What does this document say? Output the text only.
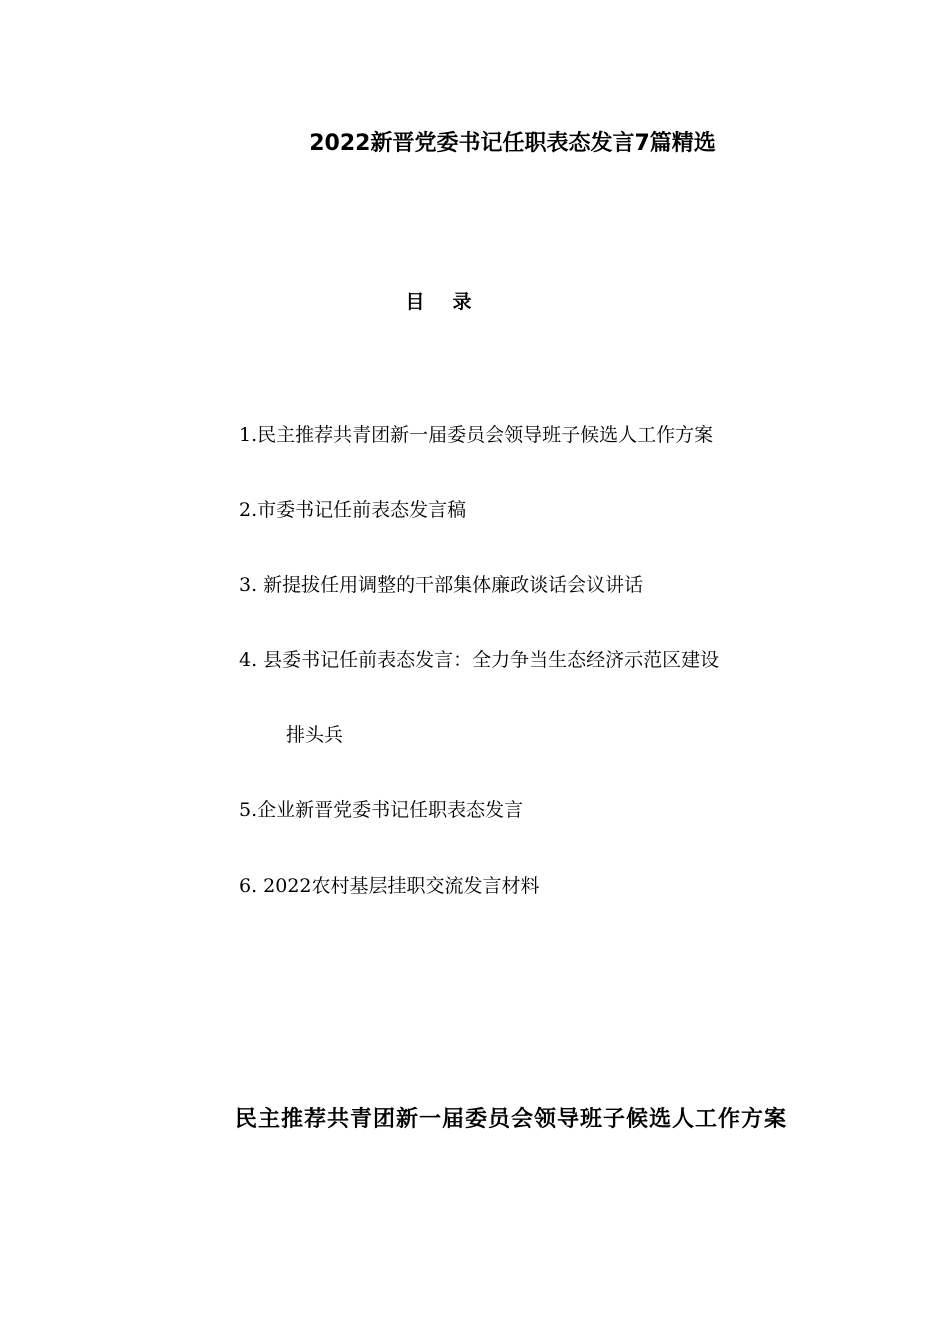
2022新晋党委书记任职表态发言7篇精选
目录
1.民主推荐共青团新一届委员会领导班子候选人工作方案
2.市委书记任前表态发言稿
3. 新提拔任用调整的干部集体廉政谈话会议讲话
4. 县委书记任前表态发言：全力争当生态经济示范区建设
排头兵
5.企业新晋党委书记任职表态发言
6. 2022农村基层挂职交流发言材料
民主推荐共青团新一届委员会领导班子候选人工作方案
